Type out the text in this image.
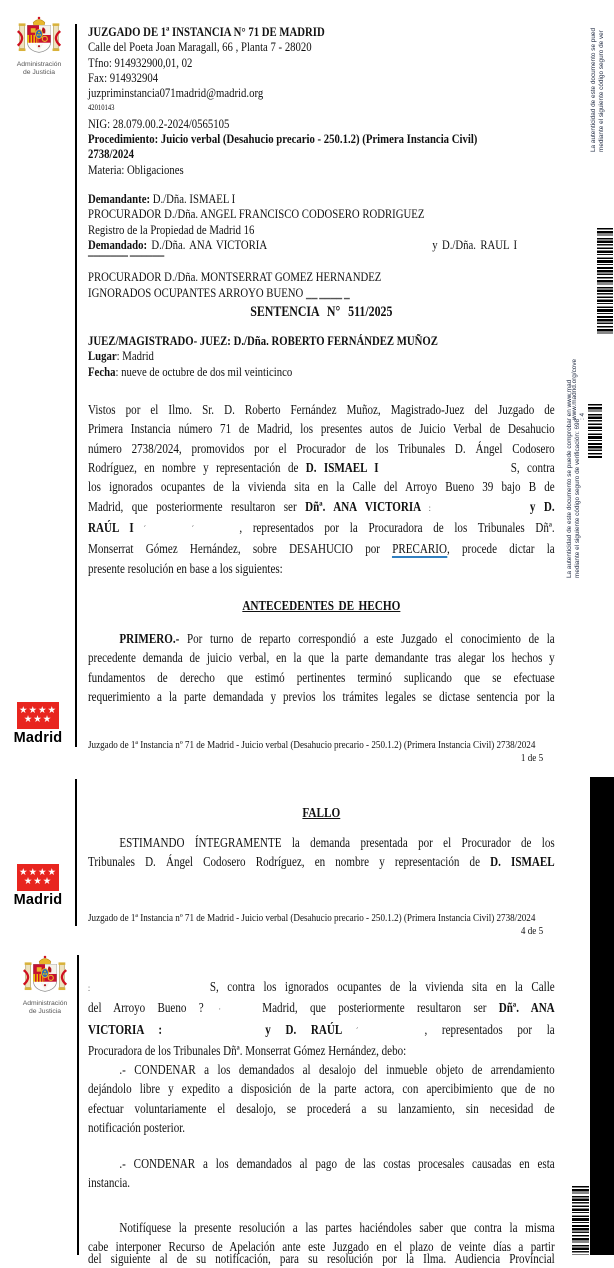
Administración
de Justicia
JUZGADO DE 1ª INSTANCIA N° 71 DE MADRID
Calle del Poeta Joan Maragall, 66 , Planta 7 - 28020
Tfno: 914932900,01, 02
Fax: 914932904
juzpriminstancia071madrid@madrid.org
42010143
NIG: 28.079.00.2-2024/0565105
Procedimiento: Juicio verbal (Desahucio precario - 250.1.2) (Primera Instancia Civil)
2738/2024
Materia: Obligaciones
Demandante: D./Dña. ISMAEL I
PROCURADOR D./Dña. ANGEL FRANCISCO CODOSERO RODRIGUEZ
Registro de la Propiedad de Madrid 16
Demandado: D./Dña. ANA VICTORIA	y D./Dña. RAUL I
▔▔▔▔▔▔▔ ▔▔▔▔▔▔
PROCURADOR D./Dña. MONTSERRAT GOMEZ HERNANDEZ
IGNORADOS OCUPANTES ARROYO BUENO ▁▁ ▁▁▁▁ ▁
SENTENCIA N° 511/2025
JUEZ/MAGISTRADO- JUEZ: D./Dña. ROBERTO FERNÁNDEZ MUÑOZ
Lugar: Madrid
Fecha: nueve de octubre de dos mil veinticinco
Vistos por el Ilmo. Sr. D. Roberto Fernández Muñoz, Magistrado-Juez del Juzgado de
Primera Instancia número 71 de Madrid, los presentes autos de Juicio Verbal de Desahucio
número 2738/2024, promovidos por el Procurador de los Tribunales D. Ángel Codosero
Rodríguez, en nombre y representación de D. ISMAEL I	S, contra
los ignorados ocupantes de la vivienda sita en la Calle del Arroyo Bueno 39 bajo B de
Madrid, que posteriormente resultaron ser Dñª. ANA VICTORIA :	y D.
RAÚL I ´	´	, representados por la Procuradora de los Tribunales Dñª.
Monserrat Gómez Hernández, sobre DESAHUCIO por PRECARIO, procede dictar la
presente resolución en base a los siguientes:
ANTECEDENTES DE HECHO
PRIMERO.- Por turno de reparto correspondió a este Juzgado el conocimiento de la
precedente demanda de juicio verbal, en la que la parte demandante tras alegar los hechos y
fundamentos de derecho que estimó pertinentes terminó suplicando que se efectuase
requerimiento a la parte demandada y previos los trámites legales se dictase sentencia por la
★★★★
★★★
Madrid	Juzgado de 1ª Instancia nº 71 de Madrid - Juicio verbal (Desahucio precario - 250.1.2) (Primera Instancia Civil) 2738/2024
1 de 5
FALLO
ESTIMANDO ÍNTEGRAMENTE la demanda presentada por el Procurador de los
Tribunales D. Ángel Codosero Rodríguez, en nombre y representación de D. ISMAEL
★★★★
★★★
Madrid
Juzgado de 1ª Instancia nº 71 de Madrid - Juicio verbal (Desahucio precario - 250.1.2) (Primera Instancia Civil) 2738/2024
4 de 5
Administración
de Justicia
:	S, contra los ignorados ocupantes de la vivienda sita en la Calle
del Arroyo Bueno ? ·	Madrid, que posteriormente resultaron ser Dñª. ANA
VICTORIA :	y D. RAÚL ´	, representados por la
Procuradora de los Tribunales Dñª. Monserrat Gómez Hernández, debo:
.- CONDENAR a los demandados al desalojo del inmueble objeto de arrendamiento
dejándolo libre y expedito a disposición de la parte actora, con apercibimiento que de no
efectuar voluntariamente el desalojo, se procederá a su lanzamiento, sin necesidad de
notificación posterior.
.- CONDENAR a los demandados al pago de las costas procesales causadas en esta
instancia.
Notifíquese la presente resolución a las partes haciéndoles saber que contra la misma
cabe interponer Recurso de Apelación ante este Juzgado en el plazo de veinte días a partir
del siguiente al de su notificación, para su resolución por la Ilma. Audiencia Provincial
La autenticidad de este documento se pued mediante el siguiente código seguro de ver
www.madrid.org/cove : 4
La autenticidad de este documento se puede comprobar en www.mad mediante el siguiente código seguro de verificación: 698
